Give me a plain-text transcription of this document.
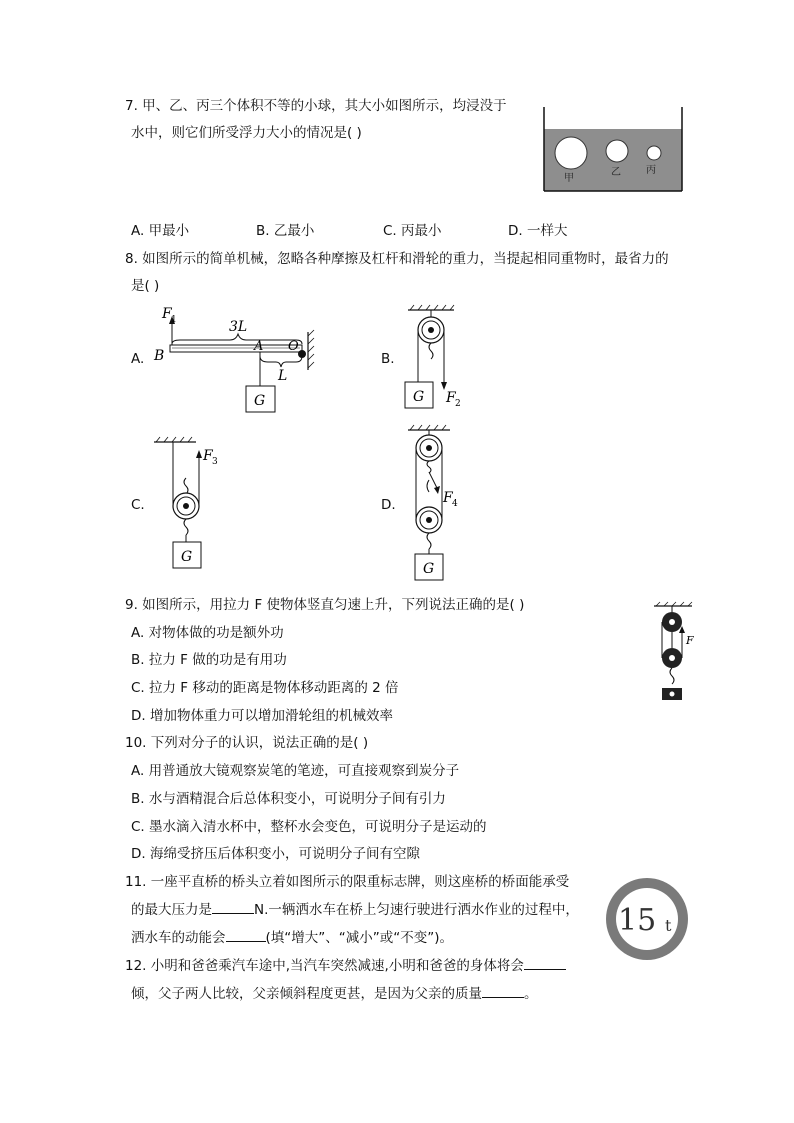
7. 甲、乙、丙三个体积不等的小球，其大小如图所示，均浸没于
水中，则它们所受浮力大小的情况是( )
甲
乙	丙
A. 甲最小	B. 乙最小	C. 丙最小	D. 一样大
8. 如图所示的简单机械，忽略各种摩擦及杠杆和滑轮的重力，当提起相同重物时，最省力的
是( )
A.
F 1	3L
B
A O
L
G
B.
G F 2
C.
F 3
G
D.	F 4
G
9. 如图所示，用拉力 F 使物体竖直匀速上升，下列说法正确的是( )
A. 对物体做的功是额外功
B. 拉力 F 做的功是有用功
C. 拉力 F 移动的距离是物体移动距离的 2 倍
D. 增加物体重力可以增加滑轮组的机械效率
F
10. 下列对分子的认识，说法正确的是( )
A. 用普通放大镜观察炭笔的笔迹，可直接观察到炭分子
B. 水与酒精混合后总体积变小，可说明分子间有引力
C. 墨水滴入清水杯中，整杯水会变色，可说明分子是运动的
D. 海绵受挤压后体积变小，可说明分子间有空隙
11. 一座平直桥的桥头立着如图所示的限重标志牌，则这座桥的桥面能承受
的最大压力是	N.一辆洒水车在桥上匀速行驶进行洒水作业的过程中，
洒水车的动能会	(填“增大”、“减小”或“不变”)。	15 t
12. 小明和爸爸乘汽车途中,当汽车突然减速,小明和爸爸的身体将会
倾，父子两人比较，父亲倾斜程度更甚，是因为父亲的质量	。
